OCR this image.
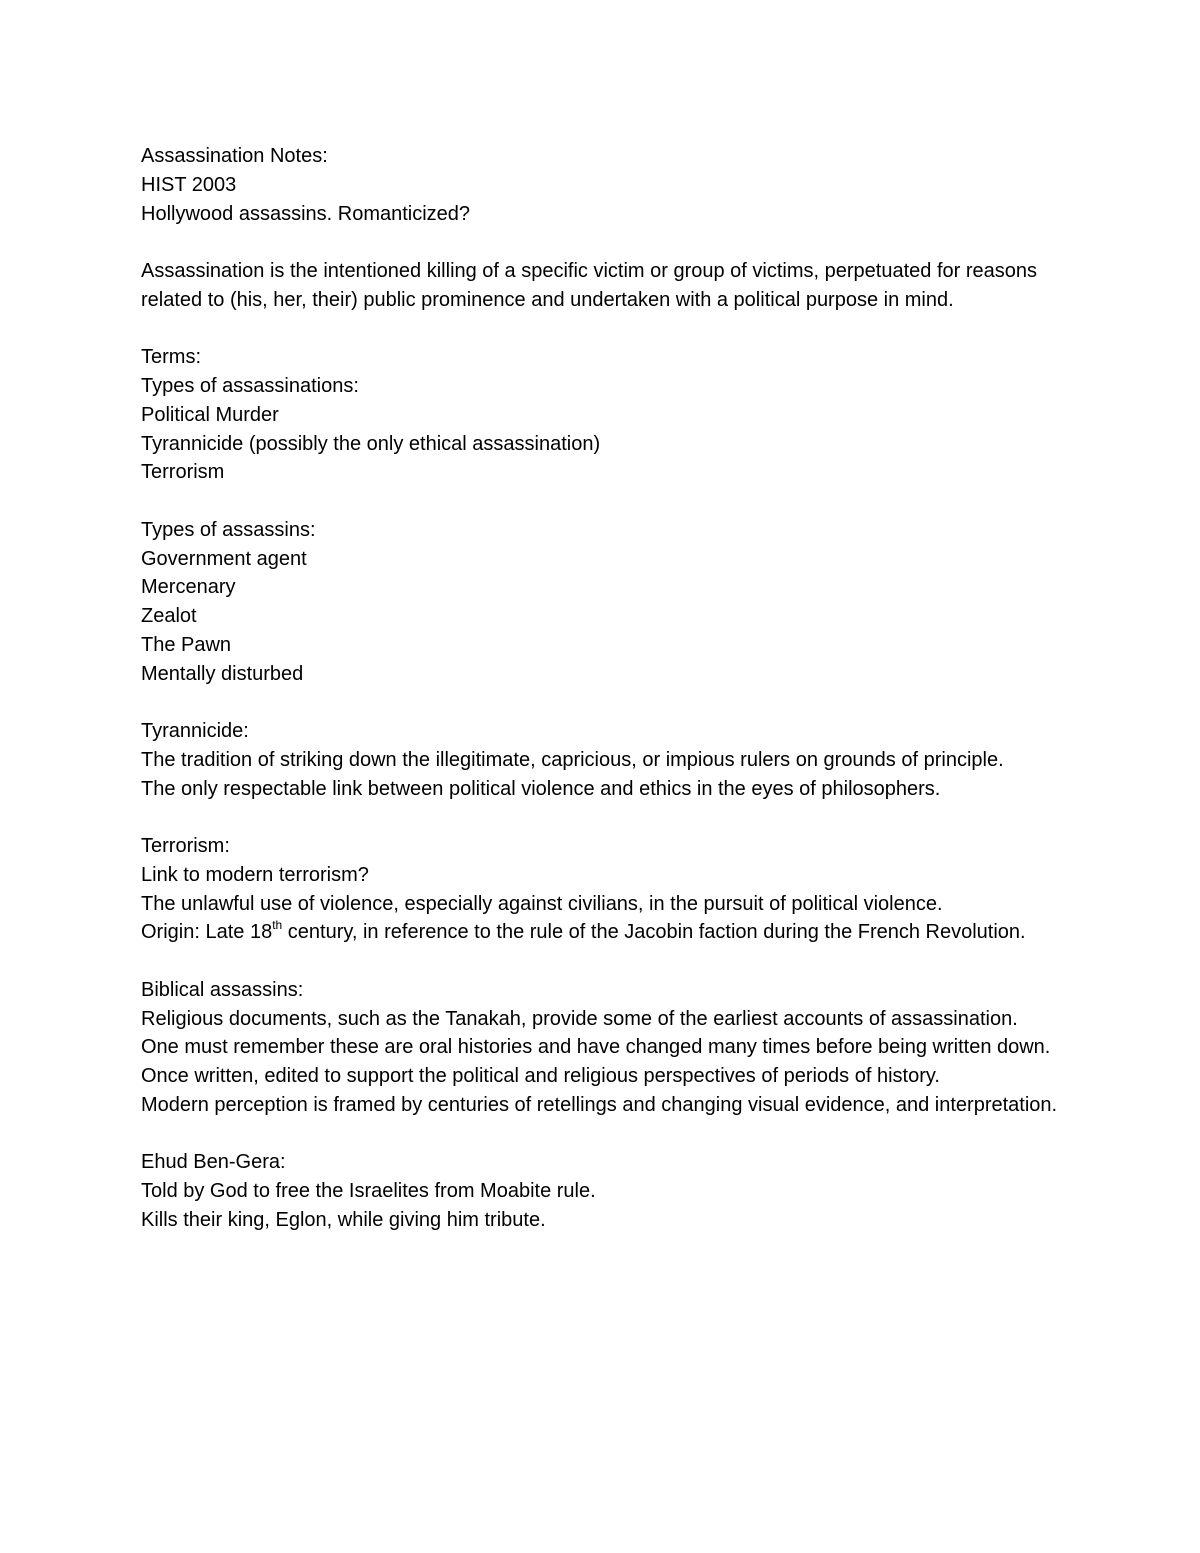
Assassination Notes:

HIST 2003

Hollywood assassins. Romanticized?

Assassination is the intentioned killing of a specific victim or group of victims, perpetuated for reasons related to (his, her, their) public prominence and undertaken with a political purpose in mind.

Terms:

Types of assassinations:

Political Murder

Tyrannicide (possibly the only ethical assassination)

Terrorism

Types of assassins:

Government agent

Mercenary

Zealot

The Pawn

Mentally disturbed

Tyrannicide:

The tradition of striking down the illegitimate, capricious, or impious rulers on grounds of principle.

The only respectable link between political violence and ethics in the eyes of philosophers.

Terrorism:

Link to modern terrorism?

The unlawful use of violence, especially against civilians, in the pursuit of political violence.

Origin: Late 18th century, in reference to the rule of the Jacobin faction during the French Revolution.

Biblical assassins:

Religious documents, such as the Tanakah, provide some of the earliest accounts of assassination.

One must remember these are oral histories and have changed many times before being written down. Once written, edited to support the political and religious perspectives of periods of history.

Modern perception is framed by centuries of retellings and changing visual evidence, and interpretation.

Ehud Ben-Gera:

Told by God to free the Israelites from Moabite rule.

Kills their king, Eglon, while giving him tribute.
